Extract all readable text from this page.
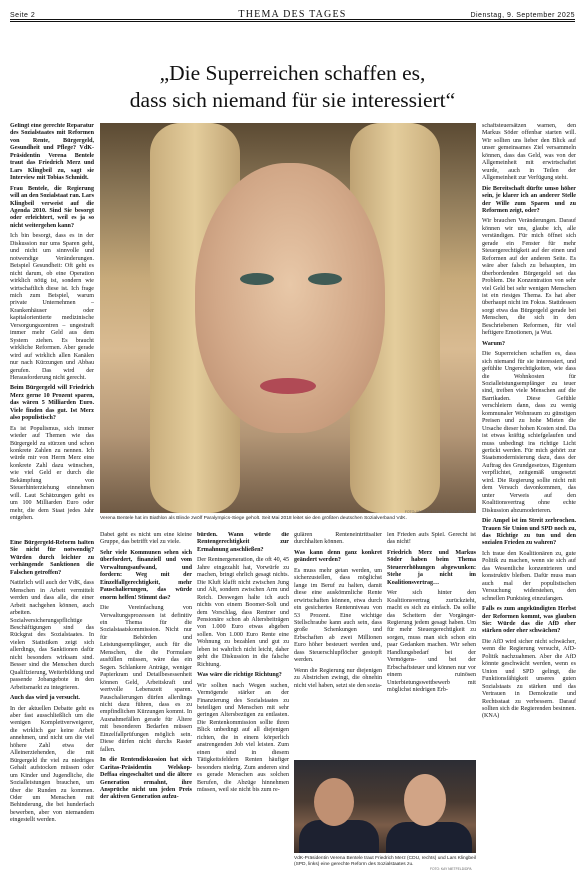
Seite 2	THEMA DES TAGES	Dienstag, 9. September 2025
„Die Superreichen schaffen es,
dass sich niemand für sie interessiert“

Gelingt eine gerechte Reparatur des Sozialstaates mit Reformen von Rente, Bürgergeld, Gesundheit und Pflege? VdK-Präsidentin Verena Bentele traut das Friedrich Merz und Lars Klingbeil zu, sagt sie Interview mit Tobias Schmidt.

Frau Bentele, die Regierung will an den Sozialstaat ran. Lars Klingbeil verweist auf die Agenda 2010. Sind Sie besorgt oder erleichtert, weil es ja so nicht weitergehen kann?

Ich bin besorgt, dass es in der Diskussion nur ums Sparen geht, und nicht um sinnvolle und notwendige Veränderungen. Beispiel Gesundheit: Oft geht es nicht darum, ob eine Operation wirklich nötig ist, sondern wie wirtschaftlich diese ist. Ich frage mich zum Beispiel, warum private Unternehmen – Krankenhäuser oder kapitalorientierte medizinische Versorgungszentren – ungestraft immer mehr Geld aus dem System ziehen. Es braucht wirkliche Reformen. Aber gerade wird auf wirklich allen Kanälen nur nach Kürzungen und Abbau gerufen. Das wird der Herausforderung nicht gerecht.

Beim Bürgergeld will Friedrich Merz gerne 10 Prozent sparen, das wären 5 Milliarden Euro. Viele finden das gut. Ist Merz also populistisch?

Es ist Populismus, sich immer wieder auf Themen wie das Bürgergeld zu stürzen und schon konkrete Zahlen zu nennen. Ich würde mir von Herrn Merz eine konkrete Zahl dazu wünschen, wie viel Geld er durch die Bekämpfung von Steuerhinterziehung einnehmen will. Laut Schätzungen geht es um 100 Milliarden Euro oder mehr, die dem Staat jedes Jahr entgehen.

FOTO: IMAGO/STEFAN ZEITZ/FUNKEPOTO
Verena Bentele hat im Biathlon als Blinde zwölf Paralympics-Siege geholt. Seit Mai 2018 leitet sie den größten deutschen Sozialverband VdK.

schaftsteuersätzen warnen, den Markus Söder offenbar starten will. Wir sollten uns lieber den Blick auf unser gemeinsames Ziel versammeln können, dass das Geld, was von der Allgemeinheit mit erwirtschaftet wurde, auch in Teilen der Allgemeinheit zur Verfügung steht.

Die Bereitschaft dürfte umso höher sein, je klarer ich an anderer Stelle der Wille zum Sparen und zu Reformen zeigt, oder?

Wir brauchen Veränderungen. Darauf können wir uns, glaube ich, alle verständigen. Für mich öffnet sich gerade ein Fenster für mehr Steuergerechtigkeit auf der einen und Reformen auf der anderen Seite. Es wäre aber falsch zu behaupten, im überbordenden Bürgergeld sei das Problem. Die Konzentration von sehr viel Geld bei sehr wenigen Menschen ist ein riesiges Thema. Es hat aber überhaupt nicht im Fokus. Stattdessen sorgt etwa das Bürgergeld gerade bei Menschen, die sich in den Beschriebenen Reformen, für viel heftigere Emotionen, ja Wut.

Warum?

Die Superreichen schaffen es, dass sich niemand für sie interessiert, und gefühlte Ungerechtigkeiten, wie dass die Wohnkosten für Sozialleistungsempfänger zu teuer sind, treiben viele Menschen auf die Barrikaden. Diese Gefühle verschleiern dann, dass zu wenig kommunaler Wohnraum zu günstigen Preisen und zu hohe Mieten die Ursache dieser hohen Kosten sind. Da ist etwas kräftig schiefgelaufen und muss unbedingt ins richtige Licht gerückt werden. Für mich gehört zur Staatsmodernisierung dazu, dass der Auftrag des Grundgesetzes, Eigentum verpflichtet, zeitgemäß umgesetzt wird. Die Regierung sollte nicht mit dem Versuch davonkommen, das unter Verweis auf den Koalitionsvertrag ohne echte Diskussion abzumoderieren.

Die Ampel ist im Streit zerbrochen. Trauen Sie Union und SPD noch zu, das Richtige zu tun und den sozialen Frieden zu wahren?

Ich traue den Koalitionären zu, gute Politik zu machen, wenn sie sich auf das Wesentliche konzentrieren und konstruktiv bleiben. Dafür muss man auch mal der populistischen Versuchung widerstehen, den schnellen Punktsieg einzufangen.

Falls es zum angekündigten Herbst der Reformen kommt, was glauben Sie: Würde das die AfD eher stärken oder eher schwächen?

Die AfD wird sicher nicht schwächer, wenn die Regierung versucht, AfD-Politik nachzuahmen. Aber die AfD könnte geschwächt werden, wenn es Union und SPD gelingt, die Funktionsfähigkeit unseres guten Sozialstaats zu stärken und das Vertrauen in Demokratie und Rechtsstaat zu verbessern. Darauf sollten sich die Regierenden besinnen. (KNA)

Eine Bürgergeld-Reform halten Sie nicht für notwendig? Würden durch leichter zu verhängende Sanktionen die Falschen getroffen?

Natürlich will auch der VdK, dass Menschen in Arbeit vermittelt werden und dass alle, die einer Arbeit nachgehen können, auch arbeiten. Sozialversicherungspflichtige Beschäftigungen sind das Rückgrat des Sozialstaates. In vielen Statistiken zeigt sich allerdings, das Sanktionen dafür nicht besonders wirksam sind. Besser sind die Menschen durch Qualifizierung, Weiterbildung und passende Jobangebote in den Arbeitsmarkt zu integrieren.

Auch das wird ja versucht.

In der aktuellen Debatte geht es aber fast ausschließlich um die wenigen Komplettverweigerer, die wirklich gar keine Arbeit annehmen, und nicht um die viel höhere Zahl etwa der Alleinerziehenden, die mit Bürgergeld ihr viel zu niedriges Gehalt aufstocken müssen oder um Kinder und Jugendliche, die Sozialleistungen brauchen, um über die Runden zu kommen. Oder um Menschen mit Behinderung, die bei hunderfach bewerben, aber von niemandem eingestellt werden.

Dabei geht es nicht um eine kleine Gruppe, das betrifft viel zu viele.

Sehr viele Kommunen sehen sich überfordert, finanziell und vom Verwaltungsaufwand, und fordern: Weg mit der Einzelfallgerechtigkeit, mehr Pauschalierungen, das würde enorm helfen! Stimmt das?

Die Vereinfachung von Verwaltungsprozessen ist definitiv ein Thema für die Sozialstaatskommission. Nicht nur für Behörden und Leistungsempfänger, auch für die Menschen, die die Formulare ausfüllen müssen, wäre das ein Segen. Schlankere Anträge, weniger Papierkram und Detailbesessenheit können Geld, Arbeitskraft und wertvolle Lebenszeit sparen. Pauschalierungen dürfen allerdings nicht dazu führen, dass es zu empfindlichen Kürzungen kommt. In Ausnahmefällen gerade für Ältere mit besonderen Bedarfen müssen Einzelfallprüfungen möglich sein. Diese dürfen nicht durchs Raster fallen.

In die Rentendiskussion hat sich Caritas-Präsidentin Welskop-Deffaa eingeschaltet und die ältere Generation ermahnt, ihre Ansprüche nicht um jeden Preis der aktiven Generation aufzu-

bürden. Wann würde die Rentengerechtigkeit zur Ermahnung anschließen?

Der Rentnergeneration, die oft 40, 45 Jahre eingezahlt hat, Vorwürfe zu machen, bringt ehrlich gesagt nichts. Die Kluft klafft nicht zwischen Jung und Alt, sondern zwischen Arm und Reich. Deswegen halte ich auch nichts von einem Boomer-Soli und dem Vorschlag, dass Rentner und Pensionäre schon ab Altersbeiträgen von 1.000 Euro etwas abgeben sollen. Von 1.000 Euro Rente eine Wohnung zu bezahlen und gut zu leben ist wahrlich nicht leicht, daher geht die Diskussion in die falsche Richtung.

Was wäre die richtige Richtung?

Wir sollten nach Wegen suchen, Vermögende stärker an der Finanzierung des Sozialstaates zu beteiligen und Menschen mit sehr geringen Altersbezügen zu entlasten. Die Rentenkommission sollte ihren Blick unbedingt auf all diejenigen richten, die in einem körperlich anstrengenden Job viel leisten. Zum einen sind in diesem Tätigkeitsfeldern Renten häufiger besonders niedrig. Zum anderen sind es gerade Menschen aus solchen Berufen, die Abzüge hinnehmen müssen, weil sie nicht bis zum re-

gulären Renteneintrittsalter durchhalten können.

Was kann denn ganz konkret geändert werden?

Es muss mehr getan werden, um sicherzustellen, dass möglichst lange im Beruf zu halten, damit diese eine auskömmliche Rente erwirtschaften können, etwa durch ein gesichertes Rentenniveau von 53 Prozent. Eine wichtige Stellschraube kann auch sein, dass große Schenkungen und Erbschaften ab zwei Millionen Euro höher besteuert werden und, dass Steuerschlupflöcher gestopft werden.

Wenn die Regierung nur diejenigen zu Abstrichen zwingt, die ohnehin nicht viel haben, setzt sie den sozia-

len Frieden aufs Spiel. Gerecht ist das nicht!

Friedrich Merz und Markus Söder haben beim Thema Steuererhöhungen abgewunken: Stehe ja nicht im Koalitionsvertrag…

Wer sich hinter den Koalitionsvertrag zurückzieht, macht es sich zu einfach. Da sollte das Scheitern der Vorgänger-Regierung jedem gesagt haben. Um für mehr Steuergerechtigkeit zu sorgen, muss man sich schon ein paar Gedanken machen. Wir sehen Handlungsbedarf bei der Vermögens- und bei der Erbschaftsteuer und können nur vor einem ruinösen Unterbietungswettbewerb mit möglichst niedrigen Erb-

VdK-Präsidentin Verena Bentele traut Friedrich Merz (CDU, rechts) und Lars Klingbeil (SPD, links) eine gerechte Reform des Sozialstaates zu.
FOTO: KAY NIETFELD/DPA
